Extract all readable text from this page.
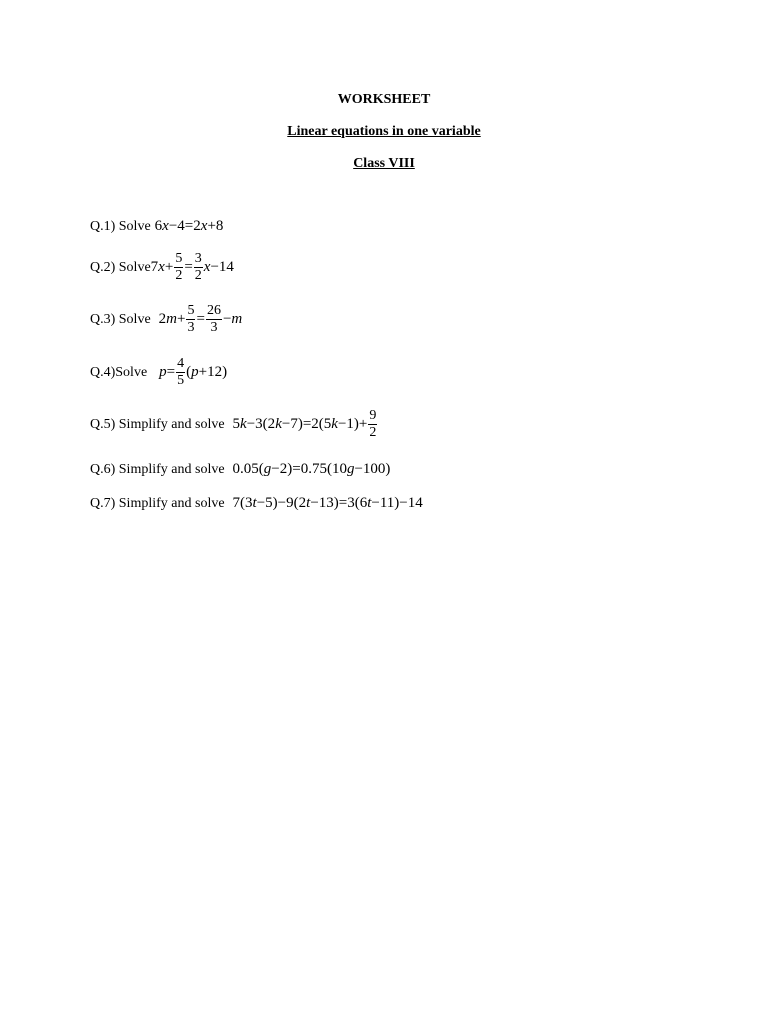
WORKSHEET
Linear equations in one variable
Class VIII
Q.1) Solve 6 x −4=2 x +8
Q.2) Solve 7 $x + \frac{5}{2} = \frac{3}{2}$ x −14
Q.3) Solve 2 $m + \frac{5}{3} = \frac{26}{3} - m$
Q.4)Solve $p = \frac{4}{5}$ ( p +12)
Q.5) Simplify and solve 5 k −3(2 k −7)=2(5 $k -1)+ \frac{9}{2}$
Q.6) Simplify and solve 0.05( g −2)=0.75(10 g −100)
Q.7) Simplify and solve 7(3 t −5)−9(2 t −13)=3(6 t −11)−14
